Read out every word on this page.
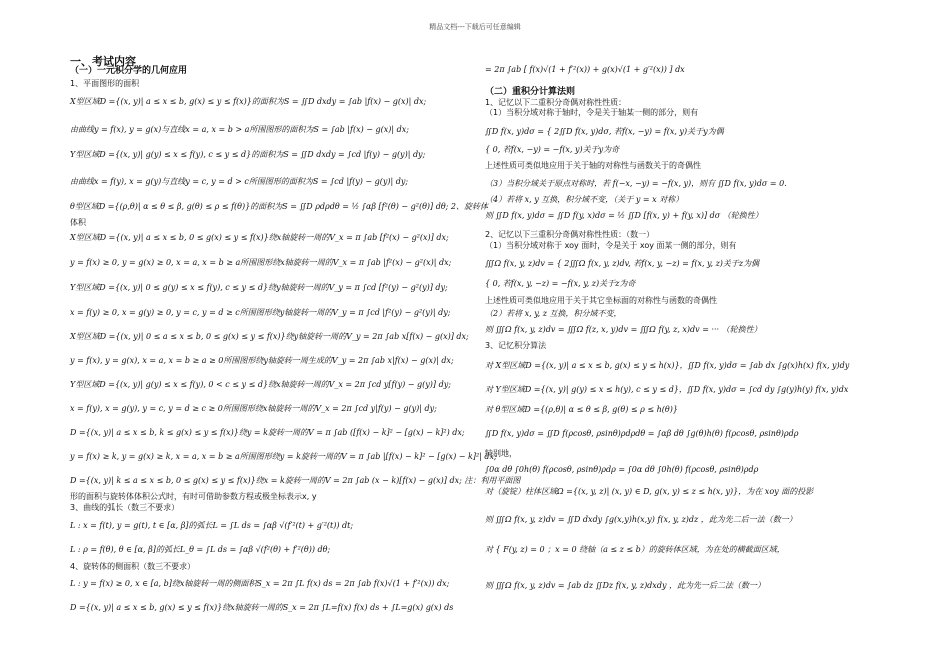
精品文档---下载后可任意编辑
一、考试内容
（一）一元积分学的几何应用
1、平面图形的面积
X型区域D ={(x, y)| a ≤ x ≤ b, g(x) ≤ y ≤ f(x)}的面积为S = ∬D dxdy = ∫ab |f(x) − g(x)| dx;
由曲线y = f(x), y = g(x)与直线x = a, x = b > a所围图形的面积为S = ∫ab |f(x) − g(x)| dx;
Y型区域D ={(x, y)| g(y) ≤ x ≤ f(y), c ≤ y ≤ d}的面积为S = ∬D dxdy = ∫cd |f(y) − g(y)| dy;
由曲线x = f(y), x = g(y)与直线y = c, y = d > c所围图形的面积为S = ∫cd |f(y) − g(y)| dy;
θ型区域D ={(ρ,θ)| α ≤ θ ≤ β, g(θ) ≤ ρ ≤ f(θ)}的面积为S = ∬D ρdρdθ = ½ ∫αβ [f²(θ) − g²(θ)] dθ; 2、旋转体
体积
X型区域D ={(x, y)| a ≤ x ≤ b, 0 ≤ g(x) ≤ y ≤ f(x)}绕x轴旋转一周的V_x = π ∫ab [f²(x) − g²(x)] dx;
y = f(x) ≥ 0, y = g(x) ≥ 0, x = a, x = b ≥ a所围图形绕x轴旋转一周的V_x = π ∫ab |f²(x) − g²(x)| dx;
Y型区域D ={(x, y)| 0 ≤ g(y) ≤ x ≤ f(y), c ≤ y ≤ d}绕y轴旋转一周的V_y = π ∫cd [f²(y) − g²(y)] dy;
x = f(y) ≥ 0, x = g(y) ≥ 0, y = c, y = d ≥ c所围图形绕y轴旋转一周的V_y = π ∫cd |f²(y) − g²(y)| dy;
X型区域D ={(x, y)| 0 ≤ a ≤ x ≤ b, 0 ≤ g(x) ≤ y ≤ f(x)}绕y轴旋转一周的V_y = 2π ∫ab x[f(x) − g(x)] dx;
y = f(x), y = g(x), x = a, x = b ≥ a ≥ 0所围图形绕y轴旋转一周生成的V_y = 2π ∫ab x|f(x) − g(x)| dx;
Y型区域D ={(x, y)| g(y) ≤ x ≤ f(y), 0 < c ≤ y ≤ d}绕x轴旋转一周的V_x = 2π ∫cd y[f(y) − g(y)] dy;
x = f(y), x = g(y), y = c, y = d ≥ c ≥ 0所围图形绕x轴旋转一周的V_x = 2π ∫cd y|f(y) − g(y)| dy;
D ={(x, y)| a ≤ x ≤ b, k ≤ g(x) ≤ y ≤ f(x)}绕y = k旋转一周的V = π ∫ab ([f(x) − k]² − [g(x) − k]²) dx;
y = f(x) ≥ k, y = g(x) ≥ k, x = a, x = b ≥ a所围图形绕y = k旋转一周的V = π ∫ab |[f(x) − k]² − [g(x) − k]²| dx;
D ={(x, y)| k ≤ a ≤ x ≤ b, 0 ≤ g(x) ≤ y ≤ f(x)}绕x = k旋转一周的V = 2π ∫ab (x − k)[f(x) − g(x)] dx; 注：利用平面图
形的面积与旋转体体积公式时，有时可借助参数方程或极坐标表示x, y
3、曲线的弧长（数三不要求）
L : x = f(t), y = g(t), t ∈ [α, β]的弧长L = ∫L ds = ∫αβ √(f′²(t) + g′²(t)) dt;
L : ρ = f(θ), θ ∈ [α, β]的弧长L_θ = ∫L ds = ∫αβ √(f²(θ) + f′²(θ)) dθ;
4、旋转体的侧面积（数三不要求）
L : y = f(x) ≥ 0, x ∈ [a, b]绕x轴旋转一周的侧面积S_x = 2π ∫L f(x) ds = 2π ∫ab f(x)√(1 + f′²(x)) dx;
D ={(x, y)| a ≤ x ≤ b, g(x) ≤ y ≤ f(x)}绕x轴旋转一周的S_x = 2π ∫L=f(x) f(x) ds + ∫L=g(x) g(x) ds
= 2π ∫ab [ f(x)√(1 + f′²(x)) + g(x)√(1 + g′²(x)) ] dx
（二）重积分计算法则
1、记忆以下二重积分奇偶对称性性质：
（1）当积分域对称于轴时，令是关于轴某一侧的部分，则有
∬D f(x, y)dσ = { 2∬D f(x, y)dσ, 若f(x, −y) = f(x, y)关于y为偶
{ 0, 若f(x, −y) = −f(x, y)关于y为奇
上述性质可类似地应用于关于轴的对称性与函数关于的奇偶性
（3）当积分域关于原点对称时，若 f(−x, −y) = −f(x, y)，则有 ∬D f(x, y)dσ = 0.
（4）若将 x, y 互换，积分域不变，（关于 y = x 对称）
则 ∬D f(x, y)dσ = ∬D f(y, x)dσ = ½ ∬D [f(x, y) + f(y, x)] dσ （轮换性）
2、记忆以下三重积分奇偶对称性性质：（数一）
（1）当积分域对称于 xoy 面时，令是关于 xoy 面某一侧的部分，则有
∭Ω f(x, y, z)dv = { 2∭Ω f(x, y, z)dv, 若f(x, y, −z) = f(x, y, z)关于z为偶
{ 0, 若f(x, y, −z) = −f(x, y, z)关于z为奇
上述性质可类似地应用于关于其它坐标面的对称性与函数的奇偶性
（2）若将 x, y, z 互换，积分域不变，
则 ∭Ω f(x, y, z)dv = ∭Ω f(z, x, y)dv = ∭Ω f(y, z, x)dv = ··· （轮换性）
3、记忆积分算法
对 X型区域D ={(x, y)| a ≤ x ≤ b, g(x) ≤ y ≤ h(x)}，∬D f(x, y)dσ = ∫ab dx ∫g(x)h(x) f(x, y)dy
对 Y型区域D ={(x, y)| g(y) ≤ x ≤ h(y), c ≤ y ≤ d}，∬D f(x, y)dσ = ∫cd dy ∫g(y)h(y) f(x, y)dx
对 θ型区域D ={(ρ,θ)| α ≤ θ ≤ β, g(θ) ≤ ρ ≤ h(θ)}
∬D f(x, y)dσ = ∬D f(ρcosθ, ρsinθ)ρdρdθ = ∫αβ dθ ∫g(θ)h(θ) f(ρcosθ, ρsinθ)ρdρ
特别地，
∫0α dθ ∫0h(θ) f(ρcosθ, ρsinθ)ρdρ = ∫0α dθ ∫0h(θ) f(ρcosθ, ρsinθ)ρdρ
对（旋锭）柱体区域Ω ={(x, y, z)| (x, y) ∈ D, g(x, y) ≤ z ≤ h(x, y)}，为在 xoy 面的投影
则 ∭Ω f(x, y, z)dv = ∬D dxdy ∫g(x,y)h(x,y) f(x, y, z)dz ，此为先二后一法（数一）
对 { F(y, z) = 0 ；x = 0 绕轴（a ≤ z ≤ b）的旋转体区域，为在处的横截面区域，
则 ∭Ω f(x, y, z)dv = ∫ab dz ∬Dz f(x, y, z)dxdy ，此为先一后二法（数一）
